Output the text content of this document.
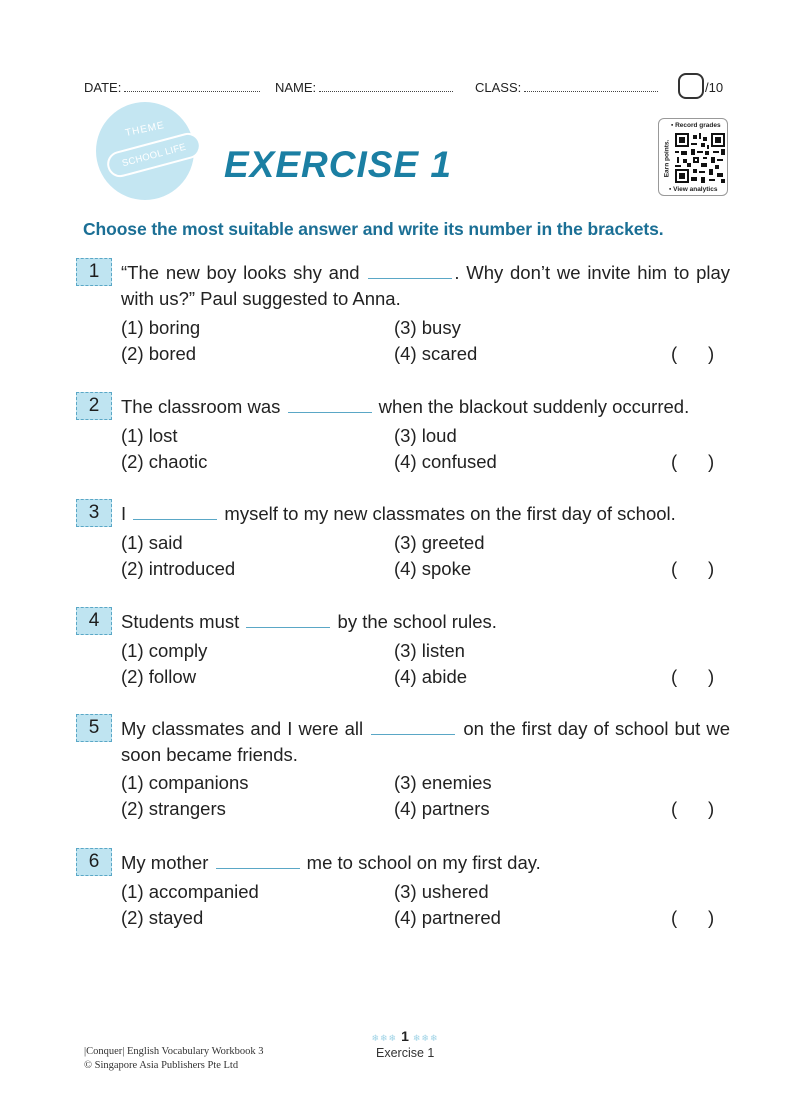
DATE:	NAME:	CLASS:	/10
THEME
SCHOOL LIFE EXERCISE 1
▪ Record grades
Earn points.
▪ View analytics
Choose the most suitable answer and write its number in the brackets.
1	“The new boy looks shy and	. Why don’t we invite him to play with us?” Paul suggested to Anna.
(1) boring
(2) bored
(3) busy
(4) scared	(      )
2	The classroom was	when the blackout suddenly occurred.
(1) lost
(2) chaotic
(3) loud
(4) confused	(      )
3	I	myself to my new classmates on the first day of school.
(1) said
(2) introduced
(3) greeted
(4) spoke	(      )
4	Students must	by the school rules.
(1) comply
(2) follow
(3) listen
(4) abide	(      )
5	My classmates and I were all	on the first day of school but we soon became friends.
(1) companions
(2) strangers
(3) enemies
(4) partners	(      )
6	My mother	me to school on my first day.
(1) accompanied
(2) stayed
(3) ushered
(4) partnered	(      )
❄❄❄ 1 ❄❄❄
Exercise 1
|Conquer| English Vocabulary Workbook 3
© Singapore Asia Publishers Pte Ltd
